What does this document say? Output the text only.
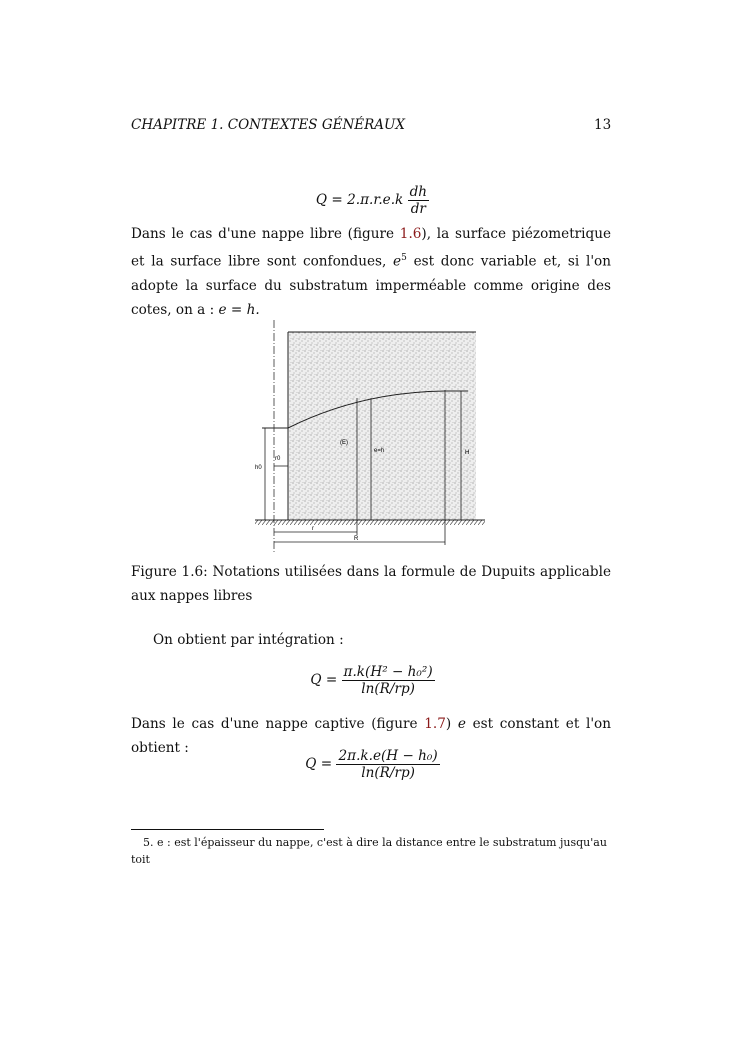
CHAPITRE 1. CONTEXTES GÉNÉRAUX	13
$Q = 2.\pi.r.e.k \frac{dh}{dr}$
Dans le cas d'une nappe libre (figure 1.6), la surface piézometrique et la surface libre sont confondues, $e^5$ est donc variable et, si l'on adopte la surface du substratum imperméable comme origine des cotes, on a : e = h.
h0
r0
(E)
e=h	H
r
R
Figure 1.6: Notations utilisées dans la formule de Dupuits applicable aux nappes libres
On obtient par intégration :
$Q = \frac{\text{π.k(H² − h₀²)}}{\ln(R/rp)}$
Dans le cas d'une nappe captive (figure 1.7) e est constant et l'on obtient :
$Q = \frac{\text{2π.k.e(H − h₀)}}{\ln(R/rp)}$
5. e : est l'épaisseur du nappe, c'est à dire la distance entre le substratum jusqu'au toit
